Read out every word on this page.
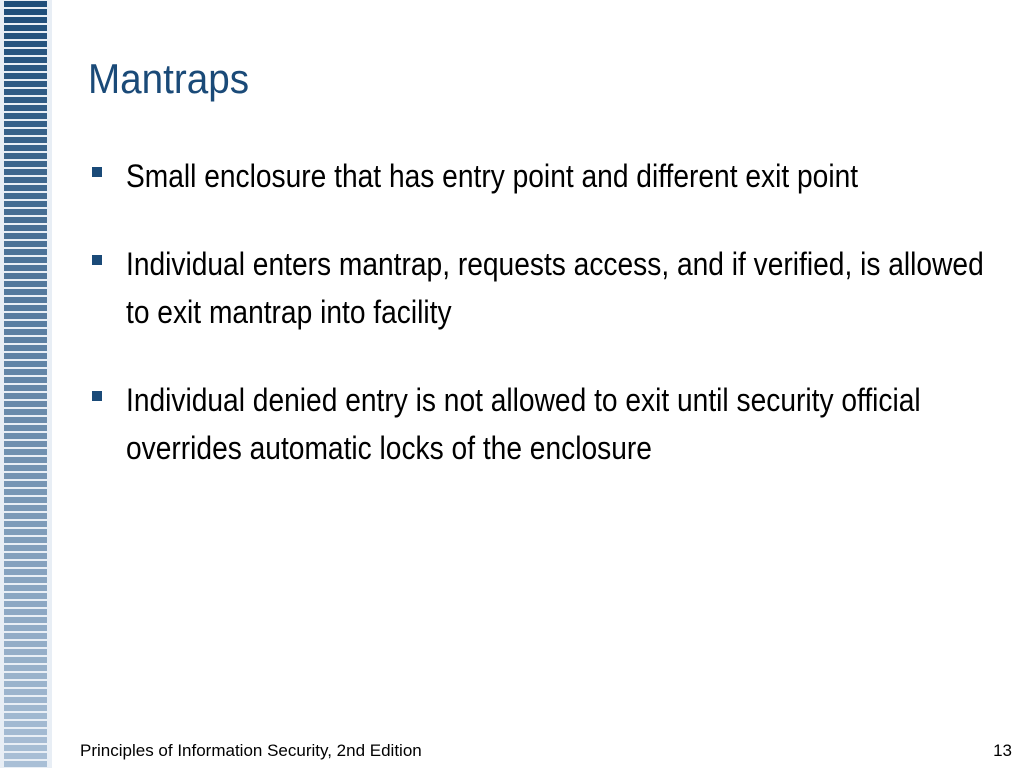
Mantraps
Small enclosure that has entry point and different exit point
Individual enters mantrap, requests access, and if verified, is allowed to exit mantrap into facility
Individual denied entry is not allowed to exit until security official overrides automatic locks of the enclosure
Principles of Information Security, 2nd Edition	13
